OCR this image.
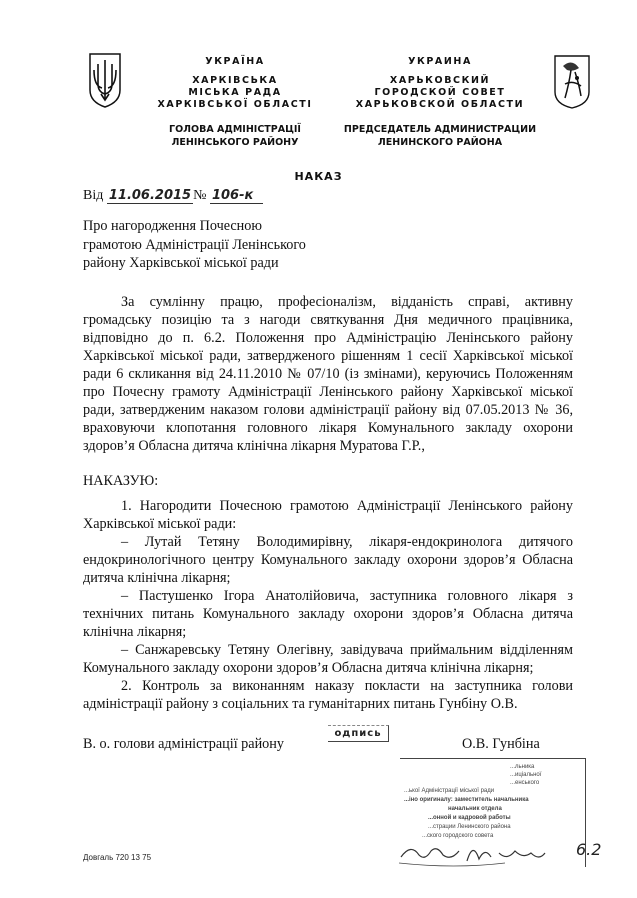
УКРАЇНА
ХАРКІВСЬКА
МІСЬКА РАДА
ХАРКІВСЬКОЇ ОБЛАСТІ
ГОЛОВА АДМІНІСТРАЦІЇ
ЛЕНІНСЬКОГО РАЙОНУ
УКРАИНА
ХАРЬКОВСКИЙ
ГОРОДСКОЙ СОВЕТ
ХАРЬКОВСКОЙ ОБЛАСТИ
ПРЕДСЕДАТЕЛЬ АДМИНИСТРАЦИИ
ЛЕНИНСКОГО РАЙОНА
НАКАЗ
Від 11.06.2015 № 106-к
Про нагородження Почесною
грамотою Адміністрації Ленінського
району Харківської міської ради

За сумлінну працю, професіоналізм, відданість справі, активну громадську позицію та з нагоди святкування Дня медичного працівника, відповідно до п. 6.2. Положення про Адміністрацію Ленінського району Харківської міської ради, затвердженого рішенням 1 сесії Харківської міської ради 6 скликання від 24.11.2010 № 07/10 (із змінами), керуючись Положенням про Почесну грамоту Адміністрації Ленінського району Харківської міської ради, затвердженим наказом голови адміністрації району від 07.05.2013 № 36, враховуючи клопотання головного лікаря Комунального закладу охорони здоров’я Обласна дитяча клінічна лікарня Муратова Г.Р.,

НАКАЗУЮ:

1. Нагородити Почесною грамотою Адміністрації Ленінського району Харківської міської ради:

– Лутай Тетяну Володимирівну, лікаря-ендокринолога дитячого ендокринологічного центру Комунального закладу охорони здоров’я Обласна дитяча клінічна лікарня;

– Пастушенко Ігора Анатолійовича, заступника головного лікаря з технічних питань Комунального закладу охорони здоров’я Обласна дитяча клінічна лікарня;

– Санжаревську Тетяну Олегівну, завідувача приймальним відділенням Комунального закладу охорони здоров’я Обласна дитяча клінічна лікарня;

2. Контроль за виконанням наказу покласти на заступника голови адміністрації району з соціальних та гуманітарних питань Гунбіну О.В.

В. о. голови адміністрації району
одпись
О.В. Гунбіна
...льника
...иціальної
...енського
...ької Адміністрації міської ради
...іно оригиналу: заместитель начальника
начальник отдела
...онной и кадровой работы
...страции Ленинского района
...ского городского совета
6.2
Довгаль 720 13 75
